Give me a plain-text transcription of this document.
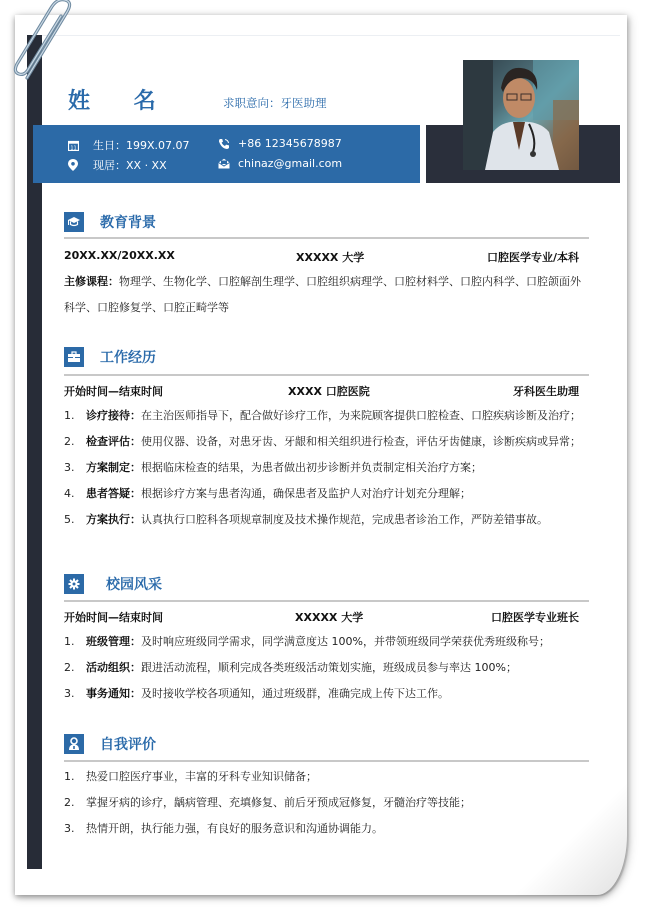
姓 名	求职意向：牙医助理
11 生日：199X.07.07
现居：XX · XX
+86 12345678987
chinaz@gmail.com
教育背景
20XX.XX/20XX.XX	XXXXX 大学	口腔医学专业/本科
主修课程：物理学、生物化学、口腔解剖生理学、口腔组织病理学、口腔材料学、口腔内科学、口腔颌面外科学、口腔修复学、口腔正畸学等
工作经历
开始时间—结束时间	XXXX 口腔医院	牙科医生助理
1. 诊疗接待：在主治医师指导下，配合做好诊疗工作，为来院顾客提供口腔检查、口腔疾病诊断及治疗；
2. 检查评估：使用仪器、设备，对患牙齿、牙龈和相关组织进行检查，评估牙齿健康，诊断疾病或异常；
3. 方案制定：根据临床检查的结果，为患者做出初步诊断并负责制定相关治疗方案；
4. 患者答疑：根据诊疗方案与患者沟通，确保患者及监护人对治疗计划充分理解；
5. 方案执行：认真执行口腔科各项规章制度及技术操作规范，完成患者诊治工作，严防差错事故。
校园风采
开始时间—结束时间	XXXXX 大学	口腔医学专业班长
1. 班级管理：及时响应班级同学需求，同学满意度达 100%，并带领班级同学荣获优秀班级称号；
2. 活动组织：跟进活动流程，顺利完成各类班级活动策划实施，班级成员参与率达 100%；
3. 事务通知：及时接收学校各项通知，通过班级群，准确完成上传下达工作。
自我评价
1. 热爱口腔医疗事业，丰富的牙科专业知识储备；
2. 掌握牙病的诊疗，龋病管理、充填修复、前后牙预成冠修复，牙髓治疗等技能；
3. 热情开朗，执行能力强，有良好的服务意识和沟通协调能力。
